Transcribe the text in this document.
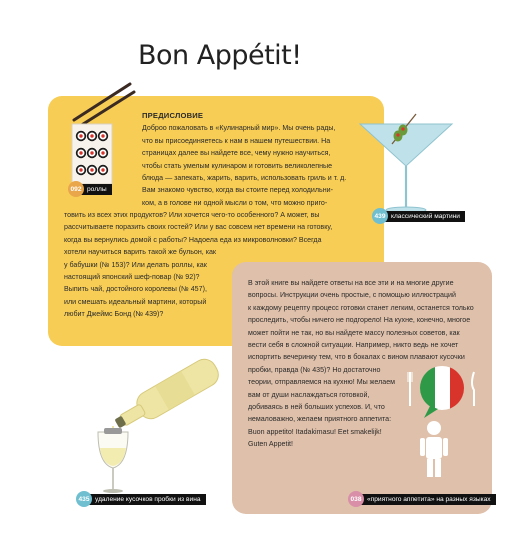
Bon Appétit!
ПРЕДИСЛОВИЕ
Доброо пожаловать в «Кулинарный мир». Мы очень рады,
что вы присоединяетесь к нам в нашем путешествии. На
страницах далее вы найдете все, чему нужно научиться,
чтобы стать умелым кулинаром и готовить великолепные
блюда — запекать, жарить, варить, использовать гриль и т. д.
Вам знакомо чувство, когда вы стоите перед холодильни-
ком, а в голове ни одной мысли о том, что можно приго-
товить из всех этих продуктов? Или хочется чего-то особенного? А может, вы
рассчитываете поразить своих гостей? Или у вас совсем нет времени на готовку,
когда вы вернулись домой с работы? Надоела еда из микроволновки? Всегда
хотели научиться варить такой же бульон, как
у бабушки (№ 153)? Или делать роллы, как
настоящий японский шеф-повар (№ 92)?
Выпить чай, достойного королевы (№ 457),
или смешать идеальный мартини, который
любит Джеймс Бонд (№ 439)?
В этой книге вы найдете ответы на все эти и на многие другие
вопросы. Инструкции очень простые, с помощью иллюстраций
к каждому рецепту процесс готовки станет легким, останется только
проследить, чтобы ничего не подгорело! На кухне, конечно, многое
может пойти не так, но вы найдете массу полезных советов, как
вести себя в сложной ситуации. Например, никто ведь не хочет
испортить вечеринку тем, что в бокалах с вином плавают кусочки
пробки, правда (№ 435)? Но достаточно
теории, отправляемся на кухню! Мы желаем
вам от души наслаждаться готовкой,
добиваясь в ней больших успехов. И, что
немаловажно, желаем приятного аппетита:
Buon appetito! Itadakimasu! Eet smakelijk!
Guten Appetit!
092 роллы
439 классический мартини
435 удаление кусочков пробки из вина	038 «приятного аппетита» на разных языках
